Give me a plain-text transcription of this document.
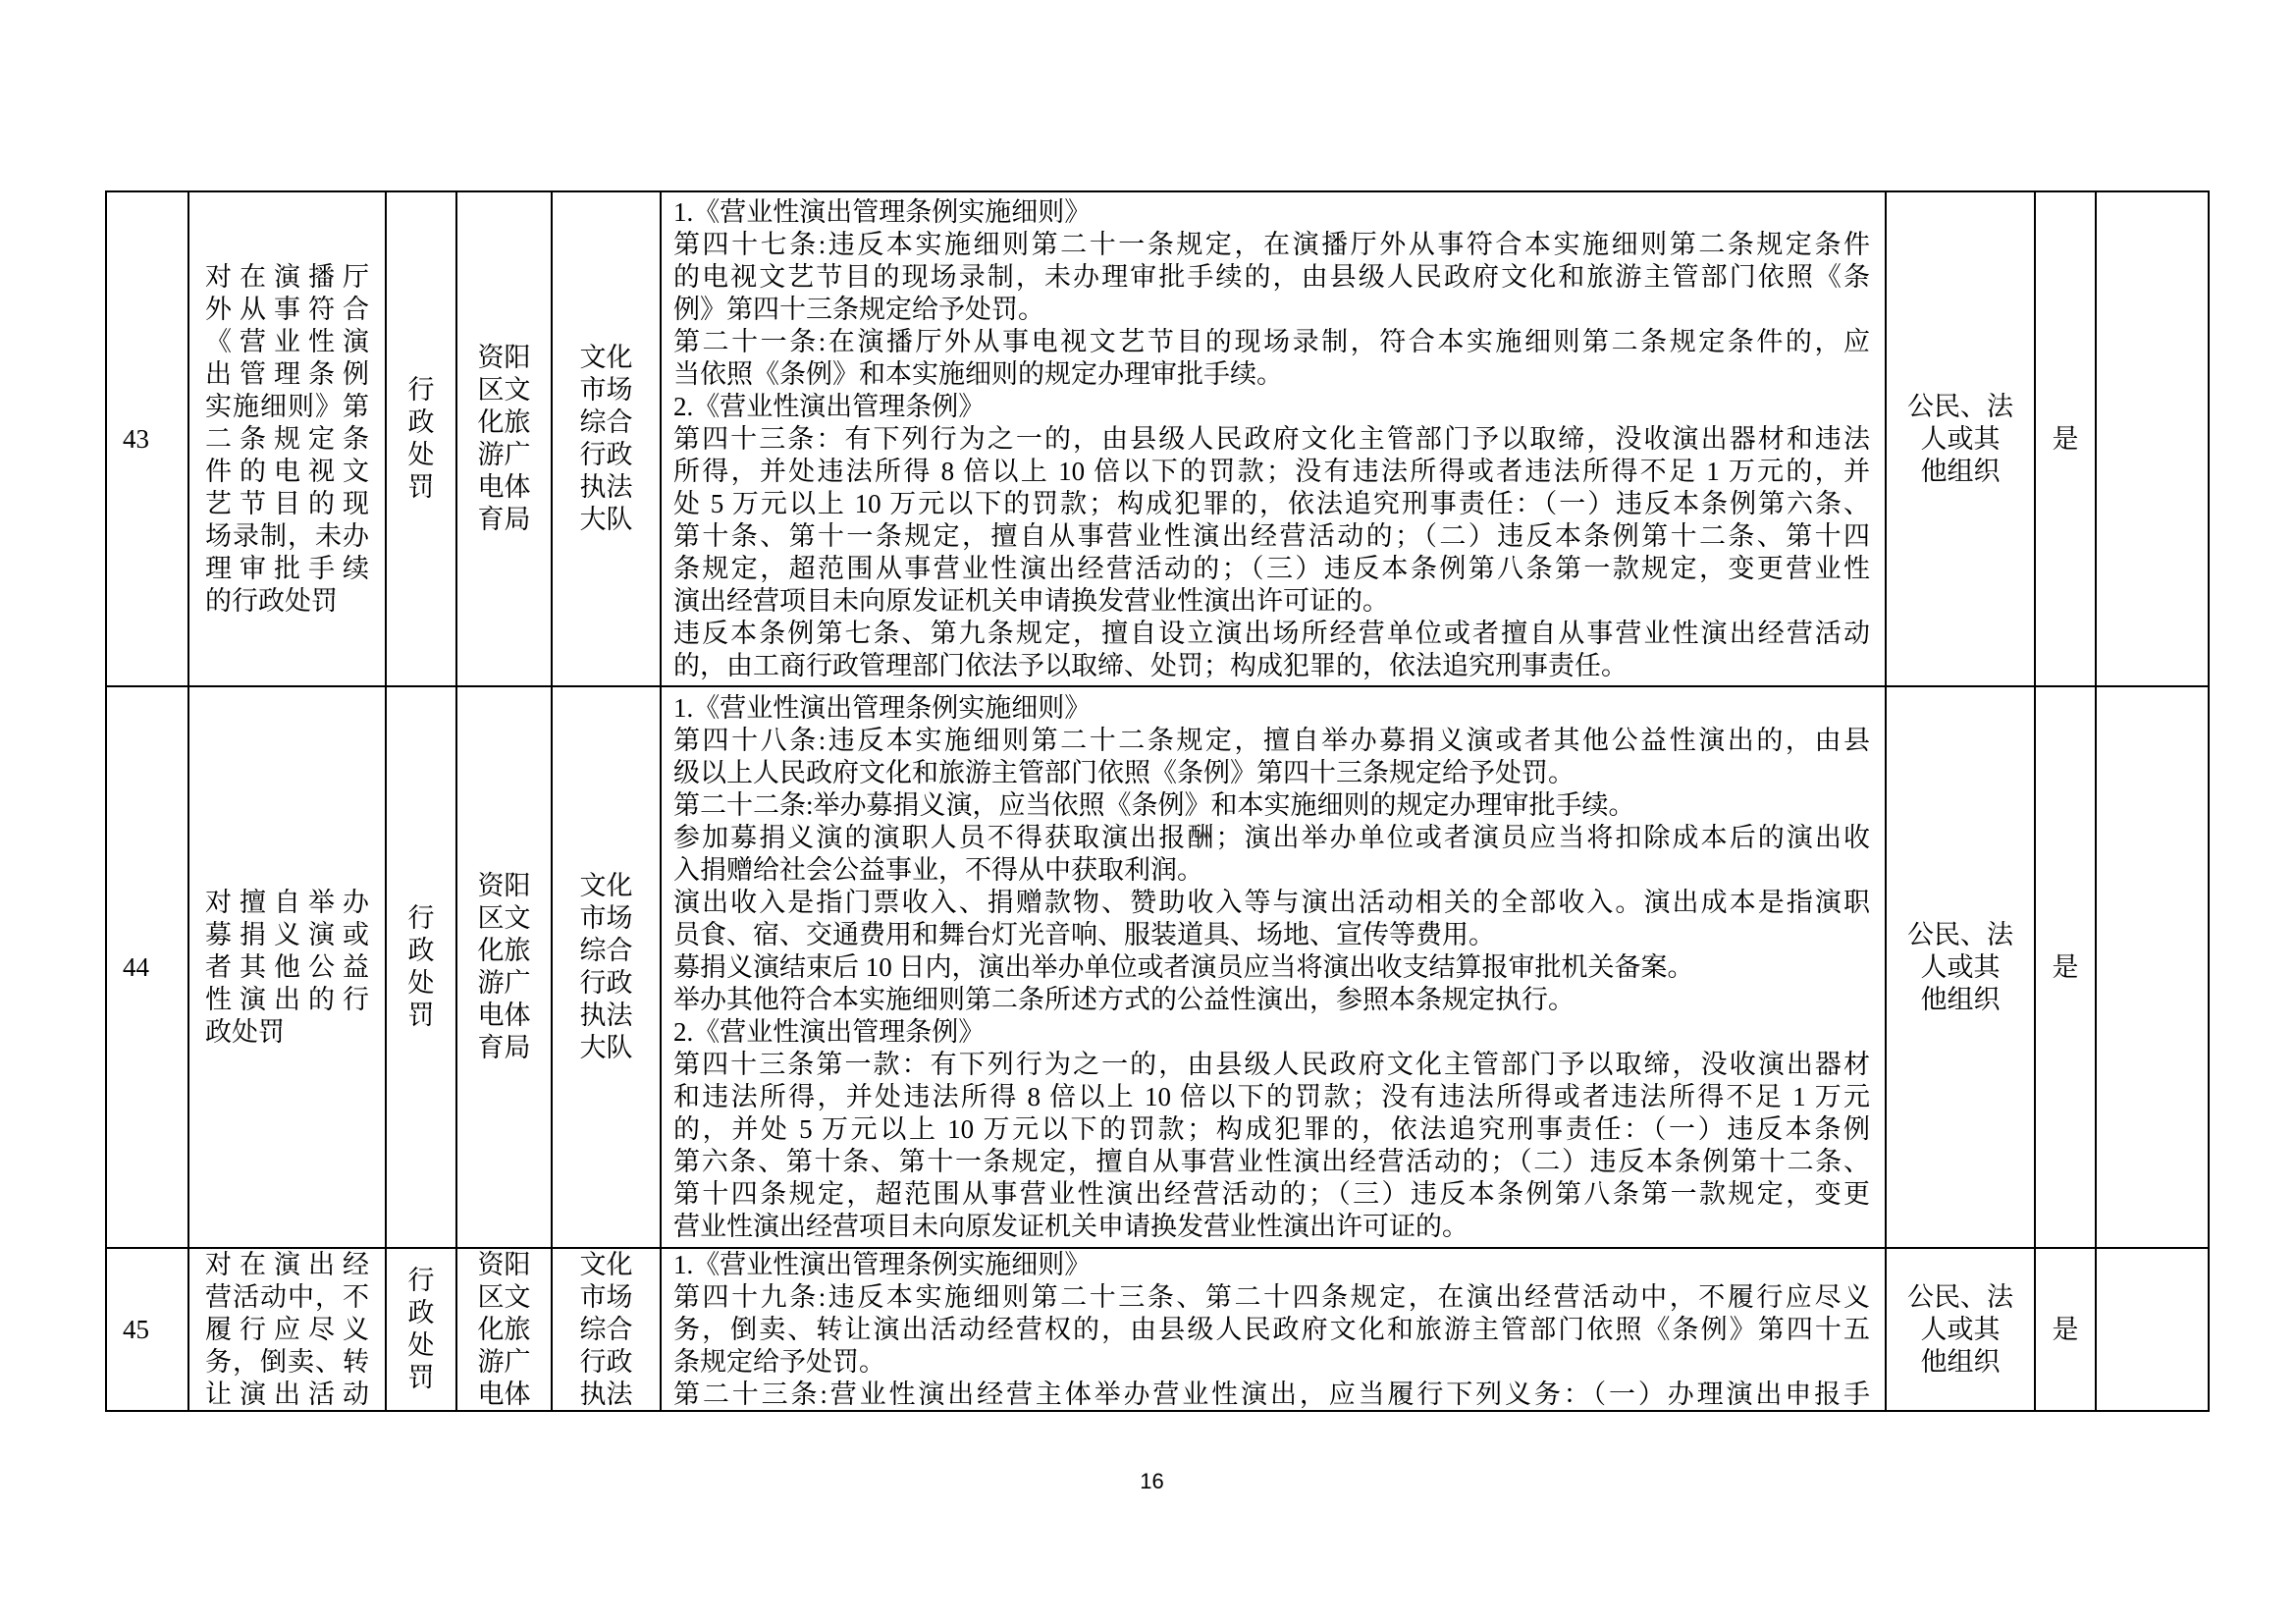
43
对在演播厅
外从事符合
《营业性演
出管理条例
实施细则》第
二条规定条
件的电视文
艺节目的现
场录制，未办
理审批手续
的行政处罚
行政处罚
资阳区文化旅游广电体育局
文化市场综合行政执法大队
1.《营业性演出管理条例实施细则》
第四十七条:违反本实施细则第二十一条规定，在演播厅外从事符合本实施细则第二条规定条件
的电视文艺节目的现场录制，未办理审批手续的，由县级人民政府文化和旅游主管部门依照《条
例》第四十三条规定给予处罚。
第二十一条:在演播厅外从事电视文艺节目的现场录制，符合本实施细则第二条规定条件的，应
当依照《条例》和本实施细则的规定办理审批手续。
2.《营业性演出管理条例》
第四十三条：有下列行为之一的，由县级人民政府文化主管部门予以取缔，没收演出器材和违法
所得，并处违法所得 8 倍以上 10 倍以下的罚款；没有违法所得或者违法所得不足 1 万元的，并
处 5 万元以上 10 万元以下的罚款；构成犯罪的，依法追究刑事责任：（一）违反本条例第六条、
第十条、第十一条规定，擅自从事营业性演出经营活动的；（二）违反本条例第十二条、第十四
条规定，超范围从事营业性演出经营活动的；（三）违反本条例第八条第一款规定，变更营业性
演出经营项目未向原发证机关申请换发营业性演出许可证的。
违反本条例第七条、第九条规定，擅自设立演出场所经营单位或者擅自从事营业性演出经营活动
的，由工商行政管理部门依法予以取缔、处罚；构成犯罪的，依法追究刑事责任。
公民、法
人或其
他组织
是
44
对擅自举办
募捐义演或
者其他公益
性演出的行
政处罚
行政处罚
资阳区文化旅游广电体育局
文化市场综合行政执法大队
1.《营业性演出管理条例实施细则》
第四十八条:违反本实施细则第二十二条规定，擅自举办募捐义演或者其他公益性演出的，由县
级以上人民政府文化和旅游主管部门依照《条例》第四十三条规定给予处罚。
第二十二条:举办募捐义演，应当依照《条例》和本实施细则的规定办理审批手续。
参加募捐义演的演职人员不得获取演出报酬；演出举办单位或者演员应当将扣除成本后的演出收
入捐赠给社会公益事业，不得从中获取利润。
演出收入是指门票收入、捐赠款物、赞助收入等与演出活动相关的全部收入。演出成本是指演职
员食、宿、交通费用和舞台灯光音响、服装道具、场地、宣传等费用。
募捐义演结束后 10 日内，演出举办单位或者演员应当将演出收支结算报审批机关备案。
举办其他符合本实施细则第二条所述方式的公益性演出，参照本条规定执行。
2.《营业性演出管理条例》
第四十三条第一款：有下列行为之一的，由县级人民政府文化主管部门予以取缔，没收演出器材
和违法所得，并处违法所得 8 倍以上 10 倍以下的罚款；没有违法所得或者违法所得不足 1 万元
的，并处 5 万元以上 10 万元以下的罚款；构成犯罪的，依法追究刑事责任：（一）违反本条例
第六条、第十条、第十一条规定，擅自从事营业性演出经营活动的；（二）违反本条例第十二条、
第十四条规定，超范围从事营业性演出经营活动的；（三）违反本条例第八条第一款规定，变更
营业性演出经营项目未向原发证机关申请换发营业性演出许可证的。
公民、法
人或其
他组织
是
45
对在演出经
营活动中，不
履行应尽义
务，倒卖、转
让演出活动
行政处罚
资阳区文化旅游广电体
文化市场综合行政执法
1.《营业性演出管理条例实施细则》
第四十九条:违反本实施细则第二十三条、第二十四条规定，在演出经营活动中，不履行应尽义
务，倒卖、转让演出活动经营权的，由县级人民政府文化和旅游主管部门依照《条例》第四十五
条规定给予处罚。
第二十三条:营业性演出经营主体举办营业性演出，应当履行下列义务：（一）办理演出申报手
公民、法
人或其
他组织
是
16
